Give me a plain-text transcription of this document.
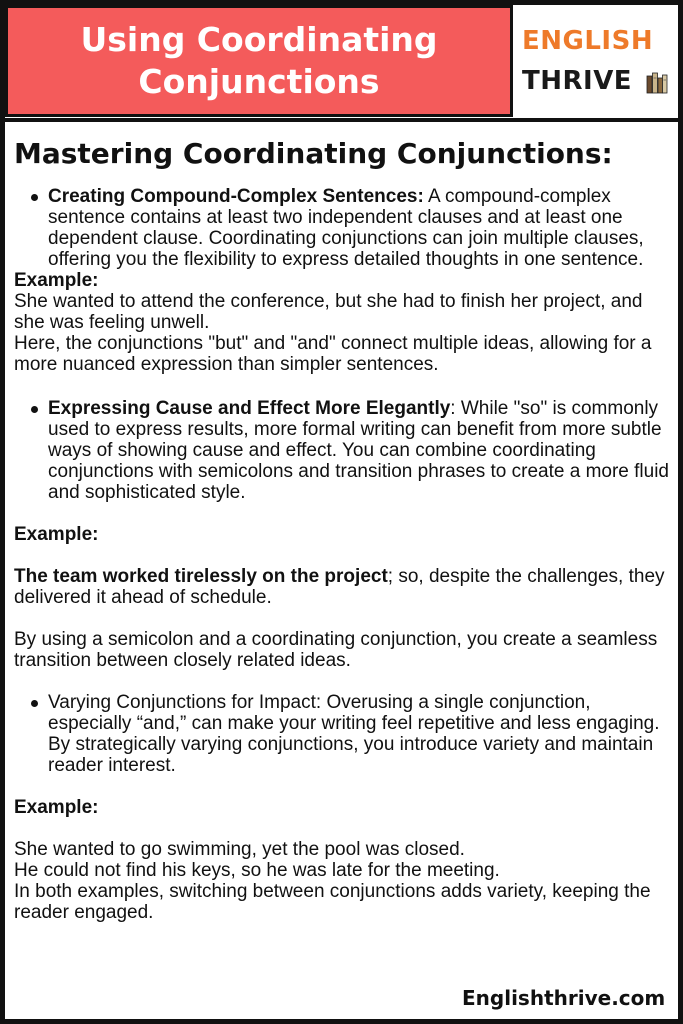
Using Coordinating
Conjunctions
ENGLISH
THRIVE
Mastering Coordinating Conjunctions:

Creating Compound-Complex Sentences: A compound-complex sentence contains at least two independent clauses and at least one dependent clause. Coordinating conjunctions can join multiple clauses, offering you the flexibility to express detailed thoughts in one sentence.

Example:

She wanted to attend the conference, but she had to finish her project, and she was feeling unwell.

Here, the conjunctions "but" and "and" connect multiple ideas, allowing for a more nuanced expression than simpler sentences.

Expressing Cause and Effect More Elegantly: While "so" is commonly used to express results, more formal writing can benefit from more subtle ways of showing cause and effect. You can combine coordinating conjunctions with semicolons and transition phrases to create a more fluid and sophisticated style.

Example:

The team worked tirelessly on the project; so, despite the challenges, they delivered it ahead of schedule.

By using a semicolon and a coordinating conjunction, you create a seamless transition between closely related ideas.

Varying Conjunctions for Impact: Overusing a single conjunction, especially “and,” can make your writing feel repetitive and less engaging. By strategically varying conjunctions, you introduce variety and maintain reader interest.

Example:

She wanted to go swimming, yet the pool was closed.

He could not find his keys, so he was late for the meeting.

In both examples, switching between conjunctions adds variety, keeping the reader engaged.

Englishthrive.com
